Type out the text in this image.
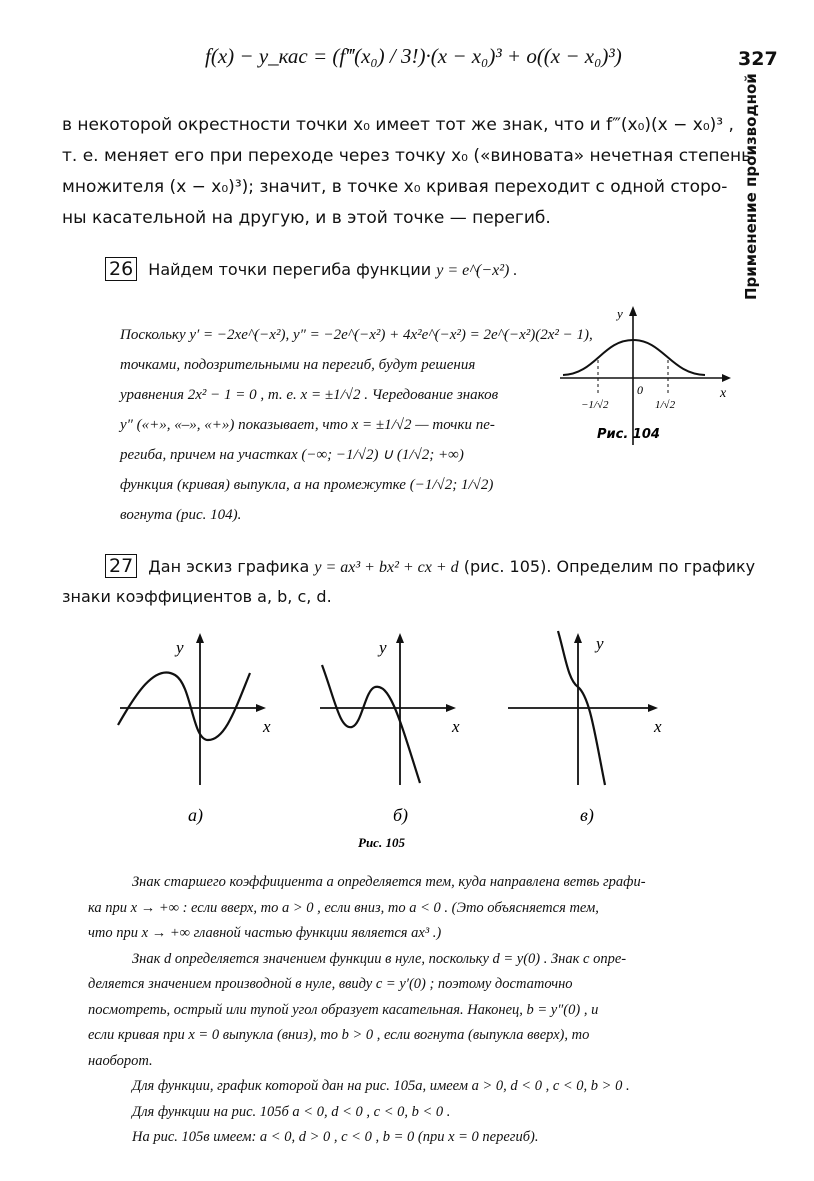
327
Применение производной
f(x) − y_кас = (f‴(x₀) / 3!)·(x − x₀)³ + o((x − x₀)³)
в некоторой окрестности точки x₀ имеет тот же знак, что и f‴(x₀)(x − x₀)³ ,
т. е. меняет его при переходе через точку x₀ («виновата» нечетная степень
множителя (x − x₀)³); значит, в точке x₀ кривая переходит с одной сторо-
ны касательной на другую, и в этой точке — перегиб.
26 Найдем точки перегиба функции y = e^(−x²) .
Поскольку y′ = −2xe^(−x²), y″ = −2e^(−x²) + 4x²e^(−x²) = 2e^(−x²)(2x² − 1),
точками, подозрительными на перегиб, будут решения
уравнения 2x² − 1 = 0 , т. е. x = ±1/√2 . Чередование знаков
y″ («+», «–», «+») показывает, что x = ±1/√2 — точки пе-
региба, причем на участках (−∞; −1/√2) ∪ (1/√2; +∞)
функция (кривая) выпукла, а на промежутке (−1/√2; 1/√2)
вогнута (рис. 104).
x
y
0
−1/√2	1/√2
Рис. 104
27 Дан эскиз графика y = ax³ + bx² + cx + d (рис. 105). Определим по графику
знаки коэффициентов a, b, c, d.
y
x
а)
y
x
б)
y
x
в)
Рис. 105
Знак старшего коэффициента a определяется тем, куда направлена ветвь графи-
ка при x → +∞ : если вверх, то a > 0 , если вниз, то a < 0 . (Это объясняется тем,
что при x → +∞ главной частью функции является ax³ .)
Знак d определяется значением функции в нуле, поскольку d = y(0) . Знак c опре-
деляется значением производной в нуле, ввиду c = y′(0) ; поэтому достаточно
посмотреть, острый или тупой угол образует касательная. Наконец, b = y″(0) , и
если кривая при x = 0 выпукла (вниз), то b > 0 , если вогнута (выпукла вверх), то
наоборот.
Для функции, график которой дан на рис. 105а, имеем a > 0, d < 0 , c < 0, b > 0 .
Для функции на рис. 105б a < 0, d < 0 , c < 0, b < 0 .
На рис. 105в имеем: a < 0, d > 0 , c < 0 , b = 0 (при x = 0 перегиб).
